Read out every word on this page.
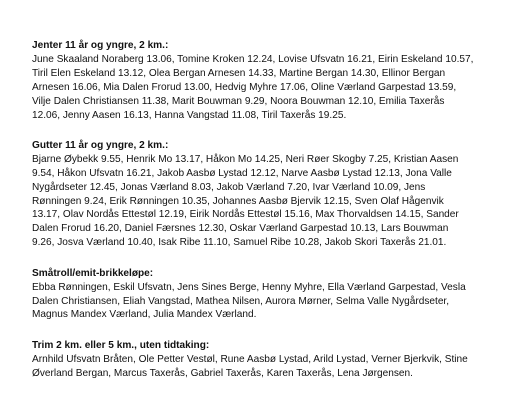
Jenter 11 år og yngre, 2 km.:

June Skaaland Noraberg 13.06, Tomine Kroken 12.24, Lovise Ufsvatn 16.21, Eirin Eskeland 10.57,
Tiril Elen Eskeland 13.12, Olea Bergan Arnesen 14.33, Martine Bergan 14.30, Ellinor Bergan
Arnesen 16.06, Mia Dalen Frorud 13.00, Hedvig Myhre 17.06, Oline Værland Garpestad 13.59,
Vilje Dalen Christiansen 11.38, Marit Bouwman 9.29, Noora Bouwman 12.10, Emilia Taxerås
12.06, Jenny Aasen 16.13, Hanna Vangstad 11.08, Tiril Taxerås 19.25.

Gutter 11 år og yngre, 2 km.:

Bjarne Øybekk 9.55, Henrik Mo 13.17, Håkon Mo 14.25, Neri Røer Skogby 7.25, Kristian Aasen
9.54, Håkon Ufsvatn 16.21, Jakob Aasbø Lystad 12.12, Narve Aasbø Lystad 12.13, Jona Valle
Nygårdseter 12.45, Jonas Værland 8.03, Jakob Værland 7.20, Ivar Værland 10.09, Jens
Rønningen 9.24, Erik Rønningen 10.35, Johannes Aasbø Bjervik 12.15, Sven Olaf Hågenvik
13.17, Olav Nordås Ettestøl 12.19, Eirik Nordås Ettestøl 15.16, Max Thorvaldsen 14.15, Sander
Dalen Frorud 16.20, Daniel Færsnes 12.30, Oskar Værland Garpestad 10.13, Lars Bouwman
9.26, Josva Værland 10.40, Isak Ribe 11.10, Samuel Ribe 10.28, Jakob Skori Taxerås 21.01.

Småtroll/emit-brikkeløpe:

Ebba Rønningen, Eskil Ufsvatn, Jens Sines Berge, Henny Myhre, Ella Værland Garpestad, Vesla
Dalen Christiansen, Eliah Vangstad, Mathea Nilsen, Aurora Mørner, Selma Valle Nygårdseter,
Magnus Mandex Værland, Julia Mandex Værland.

Trim 2 km. eller 5 km., uten tidtaking:

Arnhild Ufsvatn Bråten, Ole Petter Vestøl, Rune Aasbø Lystad, Arild Lystad, Verner Bjerkvik, Stine
Øverland Bergan, Marcus Taxerås, Gabriel Taxerås, Karen Taxerås, Lena Jørgensen.
